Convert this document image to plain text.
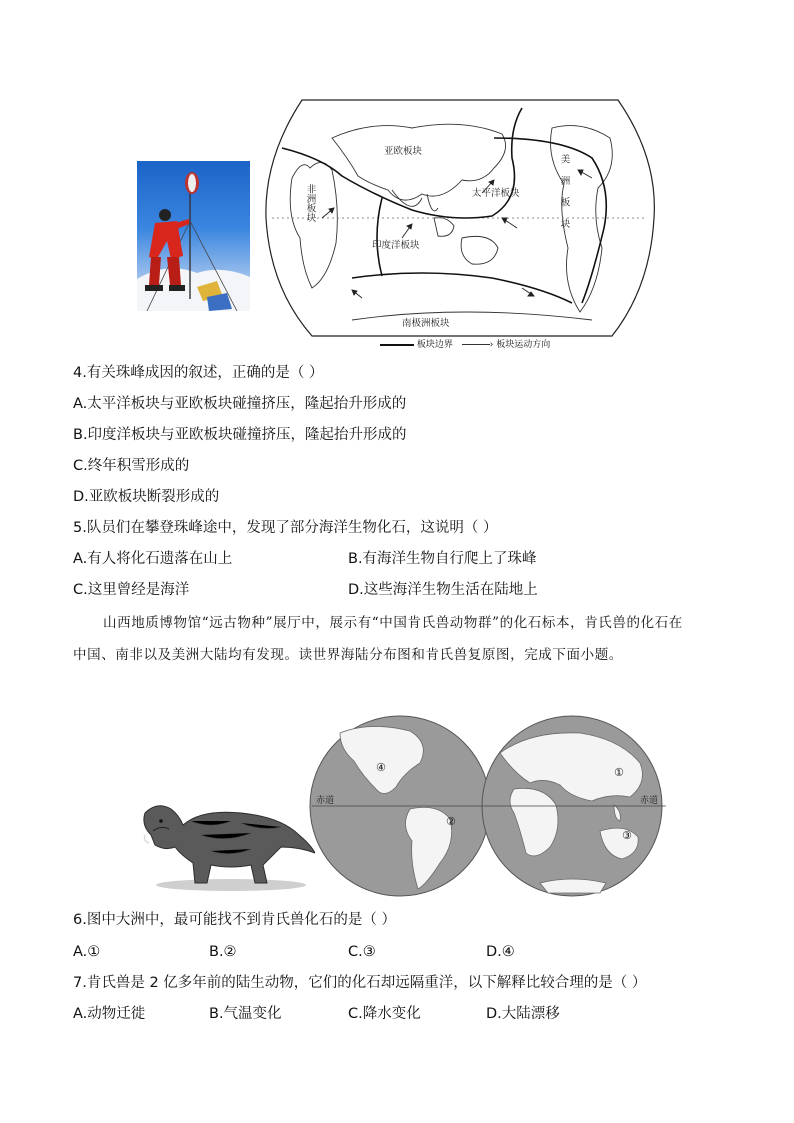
亚欧板块
太平洋板块
印度洋板块
南极洲板块
非洲板块	美洲板块
板块边界	› 板块运动方向
4.有关珠峰成因的叙述，正确的是（ ）
A.太平洋板块与亚欧板块碰撞挤压，隆起抬升形成的
B.印度洋板块与亚欧板块碰撞挤压，隆起抬升形成的
C.终年积雪形成的
D.亚欧板块断裂形成的
5.队员们在攀登珠峰途中，发现了部分海洋生物化石，这说明（ ）
A.有人将化石遗落在山上	B.有海洋生物自行爬上了珠峰
C.这里曾经是海洋	D.这些海洋生物生活在陆地上
山西地质博物馆“远古物种”展厅中，展示有“中国肯氏兽动物群”的化石标本，肯氏兽的化石在中国、南非以及美洲大陆均有发现。读世界海陆分布图和肯氏兽复原图，完成下面小题。
赤道	赤道
①
②
③
④
6.图中大洲中，最可能找不到肯氏兽化石的是（ ）
A.①	B.②	C.③	D.④
7.肯氏兽是 2 亿多年前的陆生动物，它们的化石却远隔重洋，以下解释比较合理的是（ ）
A.动物迁徙	B.气温变化	C.降水变化	D.大陆漂移
